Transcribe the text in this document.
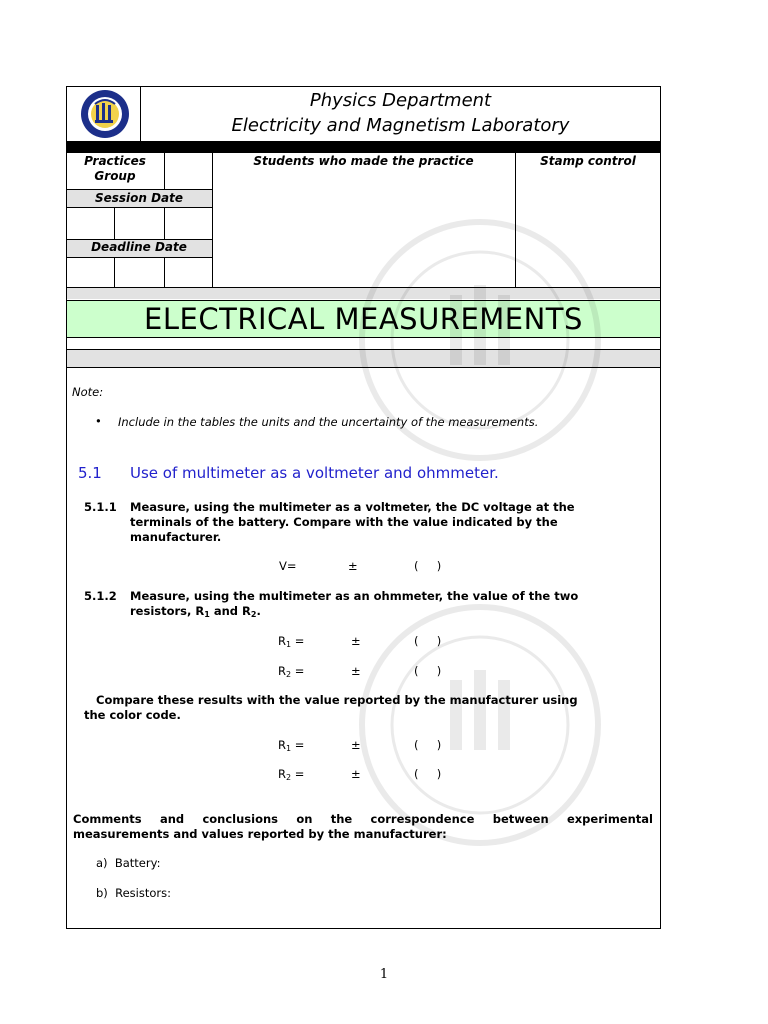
Physics Department
Electricity and Magnetism Laboratory
Practices Group
Session Date
Deadline Date
Students who made the practice	Stamp control
ELECTRICAL MEASUREMENTS
Note:
• Include in the tables the units and the uncertainty of the measurements.
5.1 Use of multimeter as a voltmeter and ohmmeter.
5.1.1 Measure, using the multimeter as a voltmeter, the DC voltage at the
terminals of the battery. Compare with the value indicated by the
manufacturer.
V=	±	(     )
5.1.2 Measure, using the multimeter as an ohmmeter, the value of the two
resistors, $R_1$ and $R_2$.
$R_1$ =	±	(     )
$R_2$ =	±	(     )
Compare these results with the value reported by the manufacturer using
the color code.
$R_1$ =	±	(     )
$R_2$ =	±	(     )
Comments and conclusions on the correspondence between experimental
measurements and values reported by the manufacturer:
a)  Battery:
b)  Resistors:
1
